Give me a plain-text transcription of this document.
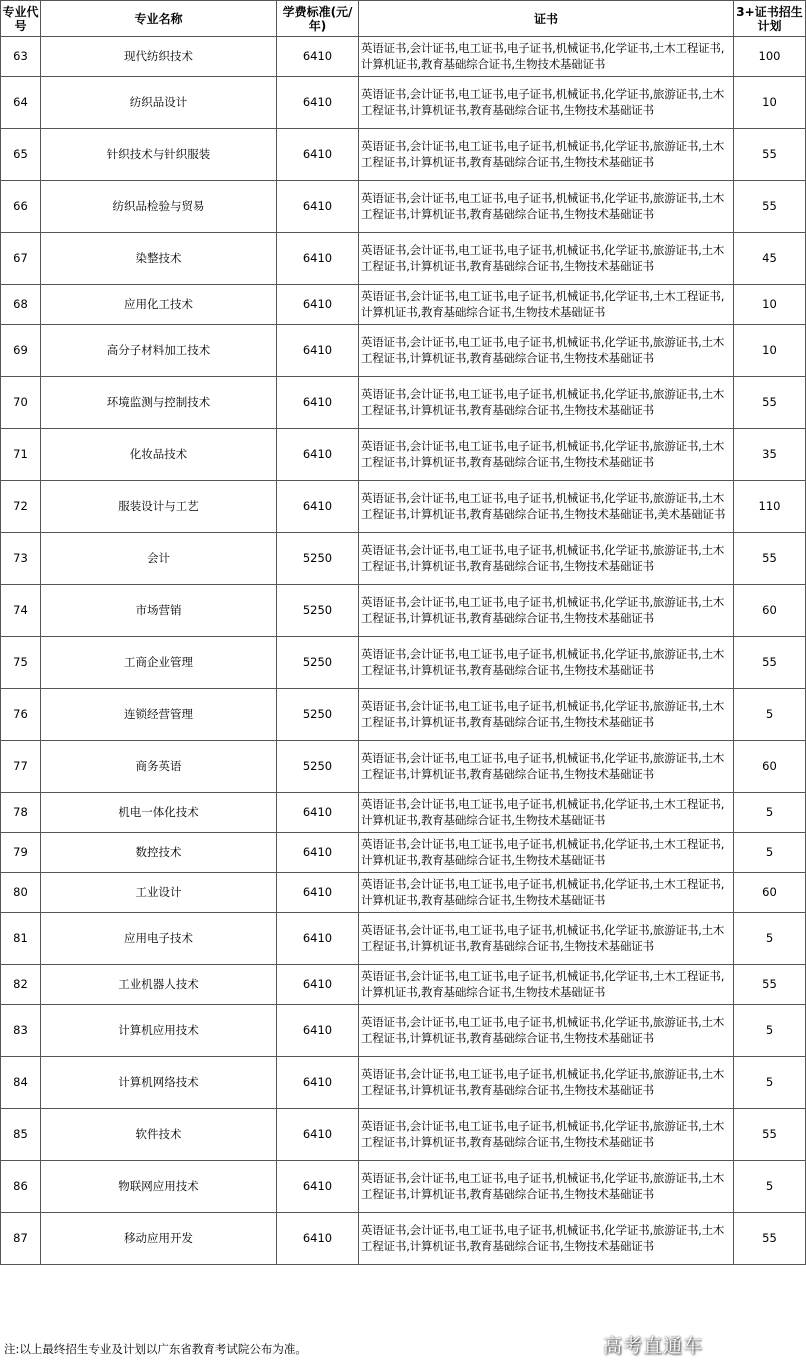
专业代号	专业名称	学费标准(元/年)	证书	3+证书招生计划
63	现代纺织技术	6410	英语证书,会计证书,电工证书,电子证书,机械证书,化学证书,土木工程证书,计算机证书,教育基础综合证书,生物技术基础证书	100
64	纺织品设计	6410	英语证书,会计证书,电工证书,电子证书,机械证书,化学证书,旅游证书,土木工程证书,计算机证书,教育基础综合证书,生物技术基础证书	10
65	针织技术与针织服装	6410	英语证书,会计证书,电工证书,电子证书,机械证书,化学证书,旅游证书,土木工程证书,计算机证书,教育基础综合证书,生物技术基础证书	55
66	纺织品检验与贸易	6410	英语证书,会计证书,电工证书,电子证书,机械证书,化学证书,旅游证书,土木工程证书,计算机证书,教育基础综合证书,生物技术基础证书	55
67	染整技术	6410	英语证书,会计证书,电工证书,电子证书,机械证书,化学证书,旅游证书,土木工程证书,计算机证书,教育基础综合证书,生物技术基础证书	45
68	应用化工技术	6410	英语证书,会计证书,电工证书,电子证书,机械证书,化学证书,土木工程证书,计算机证书,教育基础综合证书,生物技术基础证书	10
69	高分子材料加工技术	6410	英语证书,会计证书,电工证书,电子证书,机械证书,化学证书,旅游证书,土木工程证书,计算机证书,教育基础综合证书,生物技术基础证书	10
70	环境监测与控制技术	6410	英语证书,会计证书,电工证书,电子证书,机械证书,化学证书,旅游证书,土木工程证书,计算机证书,教育基础综合证书,生物技术基础证书	55
71	化妆品技术	6410	英语证书,会计证书,电工证书,电子证书,机械证书,化学证书,旅游证书,土木工程证书,计算机证书,教育基础综合证书,生物技术基础证书	35
72	服装设计与工艺	6410	英语证书,会计证书,电工证书,电子证书,机械证书,化学证书,旅游证书,土木工程证书,计算机证书,教育基础综合证书,生物技术基础证书,美术基础证书	110
73	会计	5250	英语证书,会计证书,电工证书,电子证书,机械证书,化学证书,旅游证书,土木工程证书,计算机证书,教育基础综合证书,生物技术基础证书	55
74	市场营销	5250	英语证书,会计证书,电工证书,电子证书,机械证书,化学证书,旅游证书,土木工程证书,计算机证书,教育基础综合证书,生物技术基础证书	60
75	工商企业管理	5250	英语证书,会计证书,电工证书,电子证书,机械证书,化学证书,旅游证书,土木工程证书,计算机证书,教育基础综合证书,生物技术基础证书	55
76	连锁经营管理	5250	英语证书,会计证书,电工证书,电子证书,机械证书,化学证书,旅游证书,土木工程证书,计算机证书,教育基础综合证书,生物技术基础证书	5
77	商务英语	5250	英语证书,会计证书,电工证书,电子证书,机械证书,化学证书,旅游证书,土木工程证书,计算机证书,教育基础综合证书,生物技术基础证书	60
78	机电一体化技术	6410	英语证书,会计证书,电工证书,电子证书,机械证书,化学证书,土木工程证书,计算机证书,教育基础综合证书,生物技术基础证书	5
79	数控技术	6410	英语证书,会计证书,电工证书,电子证书,机械证书,化学证书,土木工程证书,计算机证书,教育基础综合证书,生物技术基础证书	5
80	工业设计	6410	英语证书,会计证书,电工证书,电子证书,机械证书,化学证书,土木工程证书,计算机证书,教育基础综合证书,生物技术基础证书	60
81	应用电子技术	6410	英语证书,会计证书,电工证书,电子证书,机械证书,化学证书,旅游证书,土木工程证书,计算机证书,教育基础综合证书,生物技术基础证书	5
82	工业机器人技术	6410	英语证书,会计证书,电工证书,电子证书,机械证书,化学证书,土木工程证书,计算机证书,教育基础综合证书,生物技术基础证书	55
83	计算机应用技术	6410	英语证书,会计证书,电工证书,电子证书,机械证书,化学证书,旅游证书,土木工程证书,计算机证书,教育基础综合证书,生物技术基础证书	5
84	计算机网络技术	6410	英语证书,会计证书,电工证书,电子证书,机械证书,化学证书,旅游证书,土木工程证书,计算机证书,教育基础综合证书,生物技术基础证书	5
85	软件技术	6410	英语证书,会计证书,电工证书,电子证书,机械证书,化学证书,旅游证书,土木工程证书,计算机证书,教育基础综合证书,生物技术基础证书	55
86	物联网应用技术	6410	英语证书,会计证书,电工证书,电子证书,机械证书,化学证书,旅游证书,土木工程证书,计算机证书,教育基础综合证书,生物技术基础证书	5
87	移动应用开发	6410	英语证书,会计证书,电工证书,电子证书,机械证书,化学证书,旅游证书,土木工程证书,计算机证书,教育基础综合证书,生物技术基础证书	55
注:以上最终招生专业及计划以广东省教育考试院公布为准。	高考直通车
